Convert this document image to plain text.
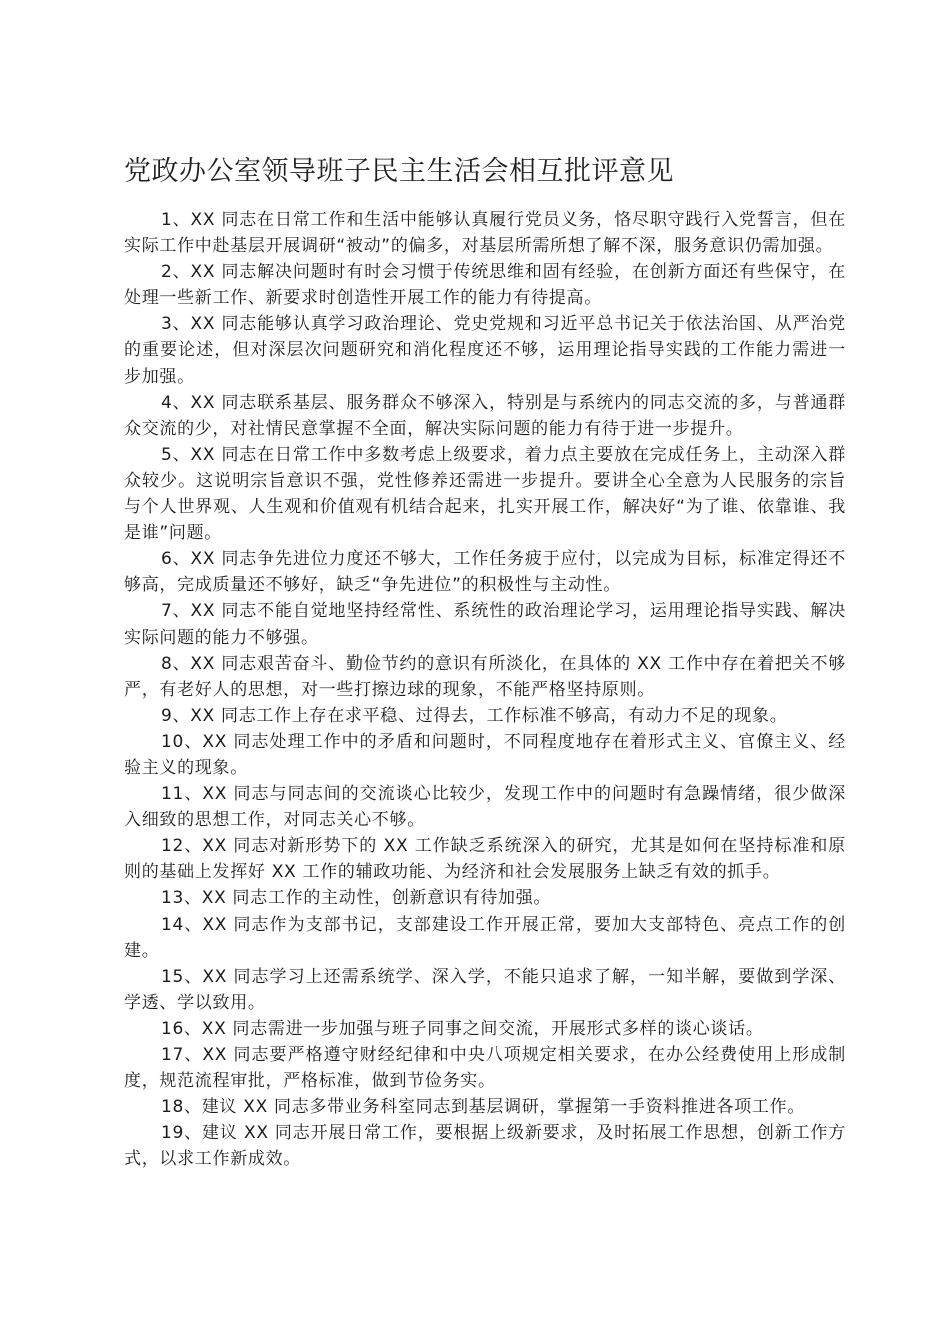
党政办公室领导班子民主生活会相互批评意见

1、XX 同志在日常工作和生活中能够认真履行党员义务，恪尽职守践行入党誓言，但在实际工作中赴基层开展调研“被动”的偏多，对基层所需所想了解不深，服务意识仍需加强。

2、XX 同志解决问题时有时会习惯于传统思维和固有经验，在创新方面还有些保守，在处理一些新工作、新要求时创造性开展工作的能力有待提高。

3、XX 同志能够认真学习政治理论、党史党规和习近平总书记关于依法治国、从严治党的重要论述，但对深层次问题研究和消化程度还不够，运用理论指导实践的工作能力需进一步加强。

4、XX 同志联系基层、服务群众不够深入，特别是与系统内的同志交流的多，与普通群众交流的少，对社情民意掌握不全面，解决实际问题的能力有待于进一步提升。

5、XX 同志在日常工作中多数考虑上级要求，着力点主要放在完成任务上，主动深入群众较少。这说明宗旨意识不强，党性修养还需进一步提升。要讲全心全意为人民服务的宗旨与个人世界观、人生观和价值观有机结合起来，扎实开展工作，解决好“为了谁、依靠谁、我是谁”问题。

6、XX 同志争先进位力度还不够大，工作任务疲于应付，以完成为目标，标准定得还不够高，完成质量还不够好，缺乏“争先进位”的积极性与主动性。

7、XX 同志不能自觉地坚持经常性、系统性的政治理论学习，运用理论指导实践、解决实际问题的能力不够强。

8、XX 同志艰苦奋斗、勤俭节约的意识有所淡化，在具体的 XX 工作中存在着把关不够严，有老好人的思想，对一些打擦边球的现象，不能严格坚持原则。

9、XX 同志工作上存在求平稳、过得去，工作标准不够高，有动力不足的现象。

10、XX 同志处理工作中的矛盾和问题时，不同程度地存在着形式主义、官僚主义、经验主义的现象。

11、XX 同志与同志间的交流谈心比较少，发现工作中的问题时有急躁情绪，很少做深入细致的思想工作，对同志关心不够。

12、XX 同志对新形势下的 XX 工作缺乏系统深入的研究，尤其是如何在坚持标准和原则的基础上发挥好 XX 工作的辅政功能、为经济和社会发展服务上缺乏有效的抓手。

13、XX 同志工作的主动性，创新意识有待加强。

14、XX 同志作为支部书记，支部建设工作开展正常，要加大支部特色、亮点工作的创建。

15、XX 同志学习上还需系统学、深入学，不能只追求了解，一知半解，要做到学深、学透、学以致用。

16、XX 同志需进一步加强与班子同事之间交流，开展形式多样的谈心谈话。

17、XX 同志要严格遵守财经纪律和中央八项规定相关要求，在办公经费使用上形成制度，规范流程审批，严格标准，做到节俭务实。

18、建议 XX 同志多带业务科室同志到基层调研，掌握第一手资料推进各项工作。

19、建议 XX 同志开展日常工作，要根据上级新要求，及时拓展工作思想，创新工作方式，以求工作新成效。
